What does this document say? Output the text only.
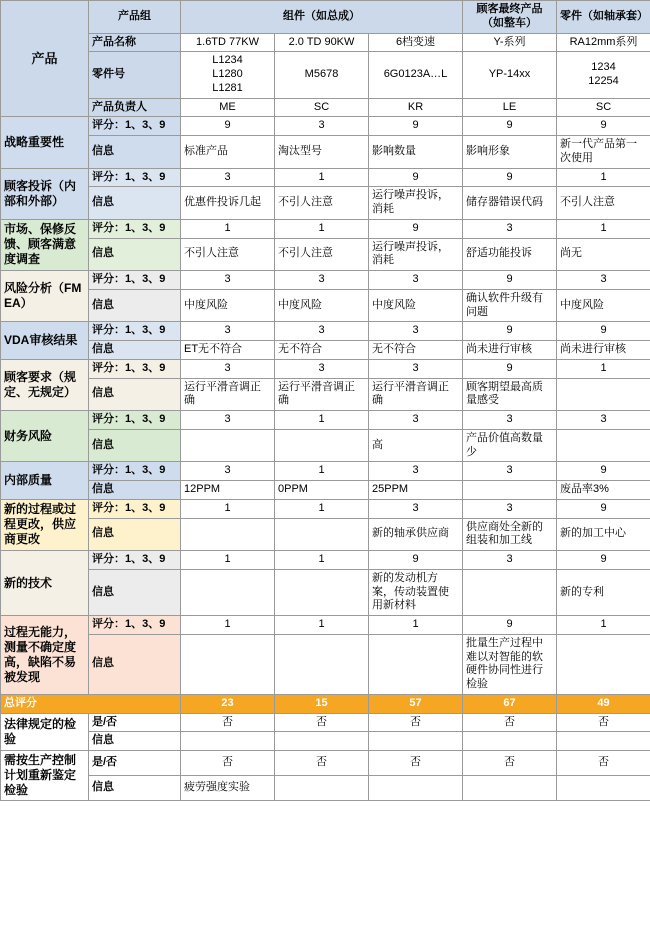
产品	产品组	组件（如总成）			顾客最终产品（如整车）	零件（如轴承套）
	产品名称	1.6TD 77KW	2.0 TD 90KW	6档变速	Y-系列	RA12mm系列
	零件号	L1234
L1280
L1281	M5678	6G0123A…L	YP-14xx	1234
12254
	产品负责人	ME	SC	KR	LE	SC
战略重要性	评分：1、3、9	9	3	9	9	9
	信息	标准产品	淘汰型号	影响数量	影响形象	新一代产品第一次使用
顾客投诉（内部和外部）	评分：1、3、9	3	1	9	9	1
	信息	优惠件投诉几起	不引人注意	运行噪声投诉，消耗	储存器错误代码	不引人注意
市场、保修反馈、顾客满意度调查	评分：1、3、9	1	1	9	3	1
	信息	不引人注意	不引人注意	运行噪声投诉，消耗	舒适功能投诉	尚无
风险分析（FMEA）	评分：1、3、9	3	3	3	9	3
	信息	中度风险	中度风险	中度风险	确认软件升级有问题	中度风险
VDA审核结果	评分：1、3、9	3	3	3	9	9
	信息	ET无不符合	无不符合	无不符合	尚未进行审核	尚未进行审核
顾客要求（规定、无规定）	评分：1、3、9	3	3	3	9	1
	信息	运行平滑音调正确	运行平滑音调正确	运行平滑音调正确	顾客期望最高质量感受	
财务风险	评分：1、3、9	3	1	3	3	3
	信息			高	产品价值高数量少	
内部质量	评分：1、3、9	3	1	3	3	9
	信息	12PPM	0PPM	25PPM		废品率3%
新的过程或过程更改，供应商更改	评分：1、3、9	1	1	3	3	9
	信息			新的轴承供应商	供应商处全新的组装和加工线	新的加工中心
新的技术	评分：1、3、9	1	1	9	3	9
	信息			新的发动机方案，传动装置使用新材料		新的专利
过程无能力，测量不确定度高，缺陷不易被发现	评分：1、3、9	1	1	1	9	1
	信息				批量生产过程中难以对智能的软硬件协同性进行检验	
总评分		23	15	57	67	49
法律规定的检验	是/否	否	否	否	否	否
	信息					
需按生产控制计划重新鉴定检验	是/否	否	否	否	否	否
	信息	疲劳强度实验				
